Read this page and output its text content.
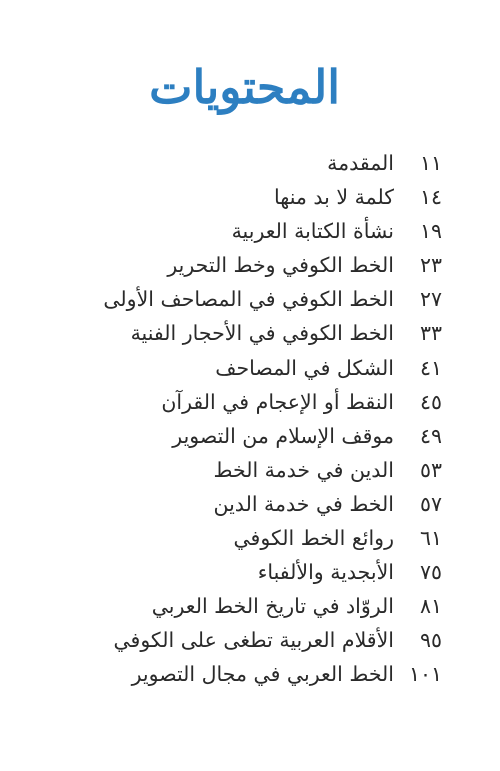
المحتويات
١١
المقدمة
١٤
كلمة لا بد منها
١٩
نشأة الكتابة العربية
٢٣
الخط الكوفي وخط التحرير
٢٧
الخط الكوفي في المصاحف الأولى
٣٣
الخط الكوفي في الأحجار الفنية
٤١
الشكل في المصاحف
٤٥
النقط أو الإعجام في القرآن
٤٩
موقف الإسلام من التصوير
٥٣
الدين في خدمة الخط
٥٧
الخط في خدمة الدين
٦١
روائع الخط الكوفي
٧٥
الأبجدية والألفباء
٨١
الروّاد في تاريخ الخط العربي
٩٥
الأقلام العربية تطغى على الكوفي
١٠١
الخط العربي في مجال التصوير
